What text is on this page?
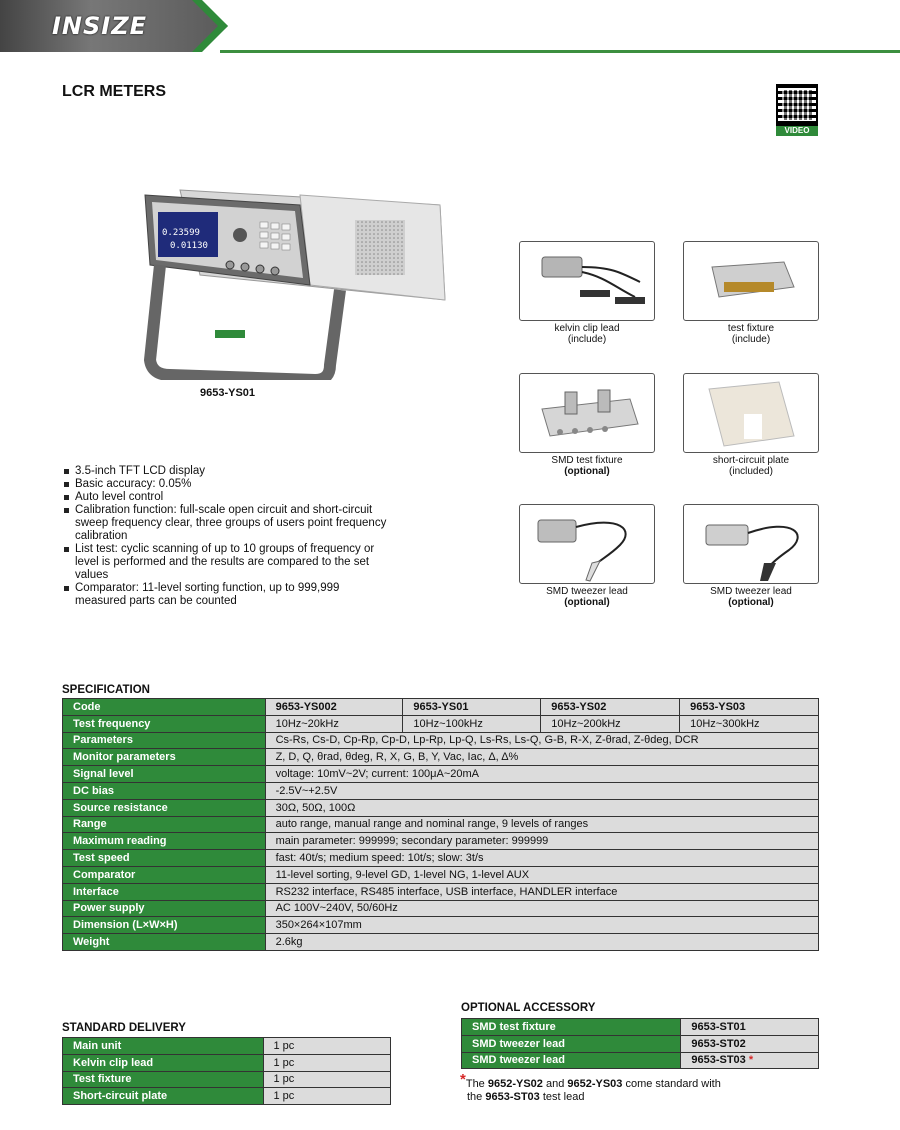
INSIZE
LCR METERS
VIDEO
0.23599
0.01130
9653-YS01
kelvin clip lead
(include)
test fixture
(include)
SMD test fixture
(optional)
short-circuit plate
(included)
SMD tweezer lead
(optional)
SMD tweezer lead
(optional)
3.5-inch TFT LCD display
Basic accuracy: 0.05%
Auto level control
Calibration function: full-scale open circuit and short-circuit sweep frequency clear, three groups of users point frequency calibration
List test: cyclic scanning of up to 10 groups of frequency or level is performed and the results are compared to the set values
Comparator: 11-level sorting function, up to 999,999 measured parts can be counted
SPECIFICATION
Code	9653-YS002	9653-YS01	9653-YS02	9653-YS03
Test frequency	10Hz~20kHz	10Hz~100kHz	10Hz~200kHz	10Hz~300kHz
Parameters	Cs-Rs, Cs-D, Cp-Rp, Cp-D, Lp-Rp, Lp-Q, Ls-Rs, Ls-Q, G-B, R-X, Z-θrad, Z-θdeg, DCR			
Monitor parameters	Z, D, Q, θrad, θdeg, R, X, G, B, Y, Vac, Iac, Δ, Δ%			
Signal level	voltage: 10mV~2V; current: 100μA~20mA			
DC bias	-2.5V~+2.5V			
Source resistance	30Ω, 50Ω, 100Ω			
Range	auto range, manual range and nominal range, 9 levels of ranges			
Maximum reading	main parameter: 999999; secondary parameter: 999999			
Test speed	fast: 40t/s; medium speed: 10t/s; slow: 3t/s			
Comparator	11-level sorting, 9-level GD, 1-level NG, 1-level AUX			
Interface	RS232 interface, RS485 interface, USB interface, HANDLER interface			
Power supply	AC 100V~240V, 50/60Hz			
Dimension (L×W×H)	350×264×107mm			
Weight	2.6kg			
STANDARD DELIVERY
Main unit	1 pc
Kelvin clip lead	1 pc
Test fixture	1 pc
Short-circuit plate	1 pc
OPTIONAL ACCESSORY
SMD test fixture	9653-ST01
SMD tweezer lead	9653-ST02
SMD tweezer lead	9653-ST03 *
*The 9652-YS02 and 9652-YS03 come standard with
the 9653-ST03 test lead
